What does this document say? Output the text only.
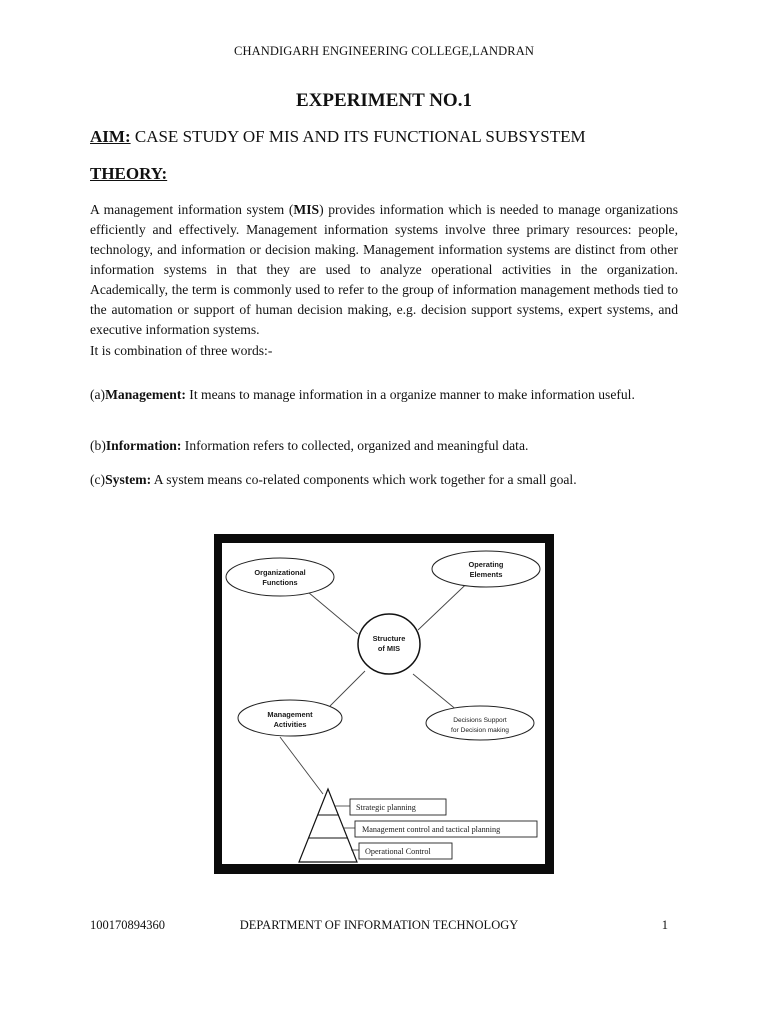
CHANDIGARH ENGINEERING COLLEGE,LANDRAN
EXPERIMENT NO.1
AIM: CASE STUDY OF MIS AND ITS FUNCTIONAL SUBSYSTEM
THEORY:

A management information system (MIS) provides information which is needed to manage organizations efficiently and effectively. Management information systems involve three primary resources: people, technology, and information or decision making. Management information systems are distinct from other information systems in that they are used to analyze operational activities in the organization. Academically, the term is commonly used to refer to the group of information management methods tied to the automation or support of human decision making, e.g. decision support systems, expert systems, and executive information systems.

It is combination of three words:-

(a)Management: It means to manage information in a organize manner to make information useful.

(b)Information: Information refers to collected, organized and meaningful data.

(c)System: A system means co-related components which work together for a small goal.

Structure
of MIS
Organizational
Functions
Operating
Elements
Management
Activities	Decisions Support
for Decision making
Strategic planning
Management control and tactical planning
Operational Control
100170894360	DEPARTMENT OF INFORMATION TECHNOLOGY	1
